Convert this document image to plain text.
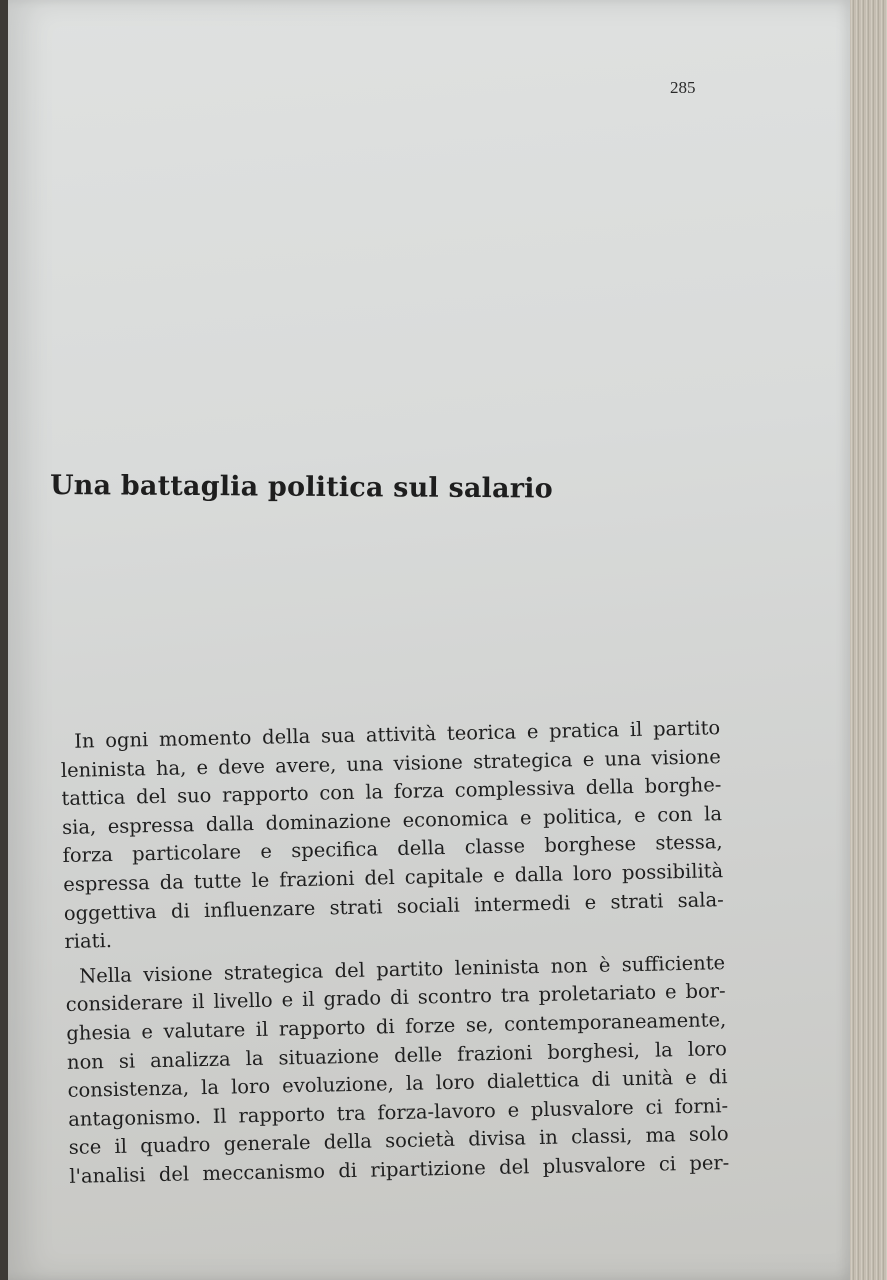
285
Una battaglia politica sul salario
In ogni momento della sua attività teorica e pratica il partito
leninista ha, e deve avere, una visione strategica e una visione
tattica del suo rapporto con la forza complessiva della borghe-
sia, espressa dalla dominazione economica e politica, e con la
forza particolare e specifica della classe borghese stessa,
espressa da tutte le frazioni del capitale e dalla loro possibilità
oggettiva di influenzare strati sociali intermedi e strati sala-
riati.
Nella visione strategica del partito leninista non è sufficiente
considerare il livello e il grado di scontro tra proletariato e bor-
ghesia e valutare il rapporto di forze se, contemporaneamente,
non si analizza la situazione delle frazioni borghesi, la loro
consistenza, la loro evoluzione, la loro dialettica di unità e di
antagonismo. Il rapporto tra forza-lavoro e plusvalore ci forni-
sce il quadro generale della società divisa in classi, ma solo
l'analisi del meccanismo di ripartizione del plusvalore ci per-
